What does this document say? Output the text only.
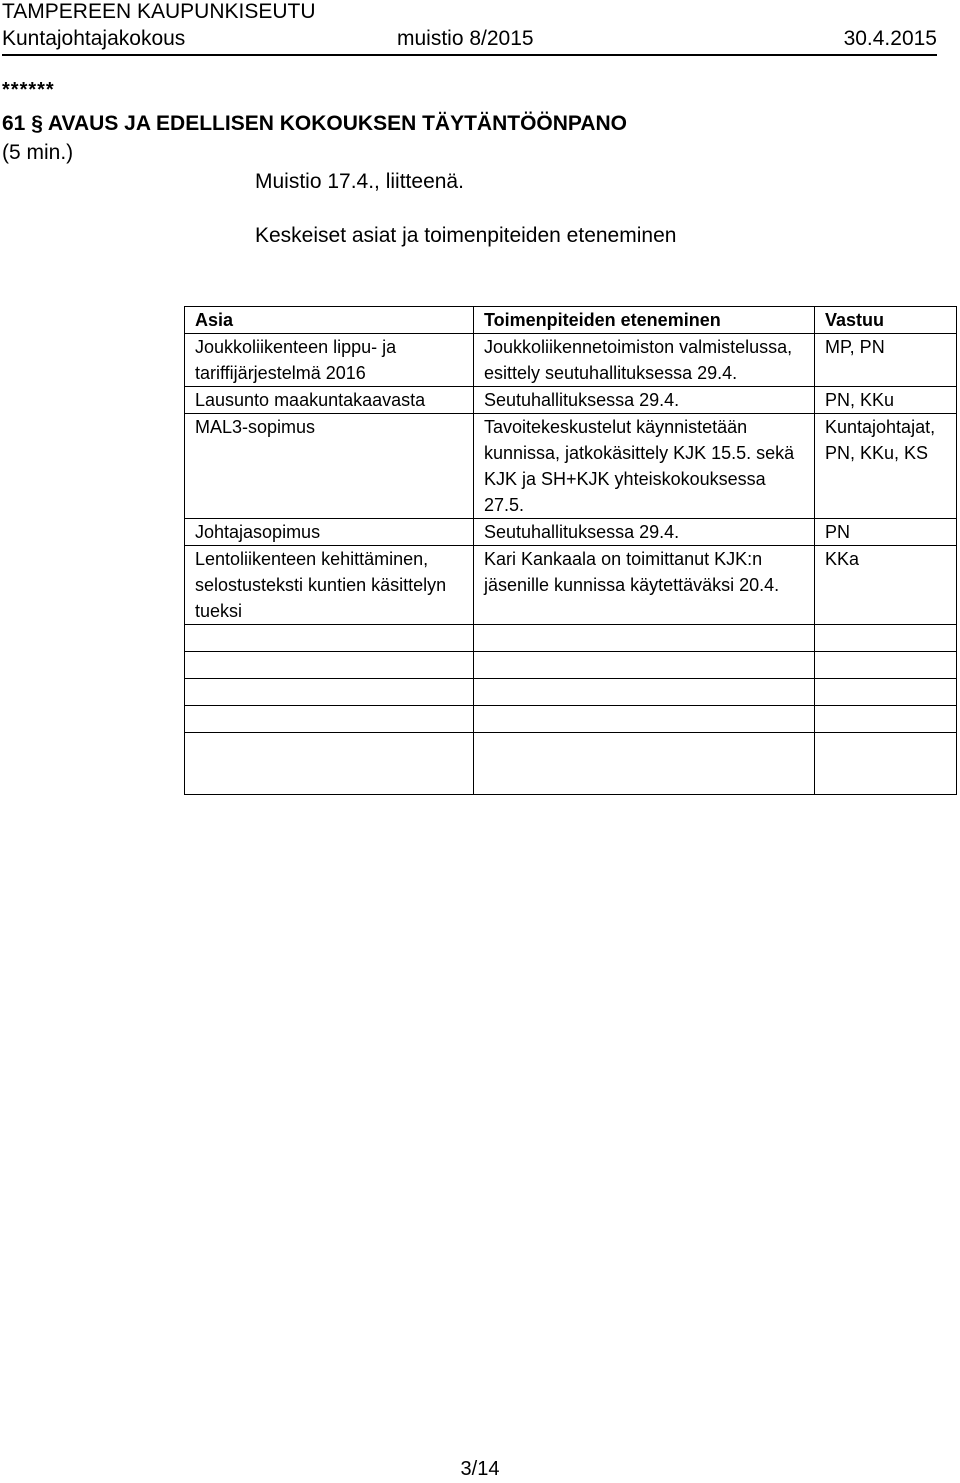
TAMPEREEN KAUPUNKISEUTU
Kuntajohtajakokous	muistio 8/2015	30.4.2015
******
61 § AVAUS JA EDELLISEN KOKOUKSEN TÄYTÄNTÖÖNPANO
(5 min.)
Muistio 17.4., liitteenä.
Keskeiset asiat ja toimenpiteiden eteneminen
Asia	Toimenpiteiden eteneminen	Vastuu
Joukkoliikenteen lippu- ja tariffijärjestelmä 2016	Joukkoliikennetoimiston valmistelussa, esittely seutuhallituksessa 29.4.	MP, PN
Lausunto maakuntakaavasta	Seutuhallituksessa 29.4.	PN, KKu
MAL3-sopimus	Tavoitekeskustelut käynnistetään kunnissa, jatkokäsittely KJK 15.5. sekä KJK ja SH+KJK yhteiskokouksessa 27.5.	Kuntajohtajat, PN, KKu, KS
Johtajasopimus	Seutuhallituksessa 29.4.	PN
Lentoliikenteen kehittäminen, selostusteksti kuntien käsittelyn tueksi	Kari Kankaala on toimittanut KJK:n jäsenille kunnissa käytettäväksi 20.4.	KKa

3/14
